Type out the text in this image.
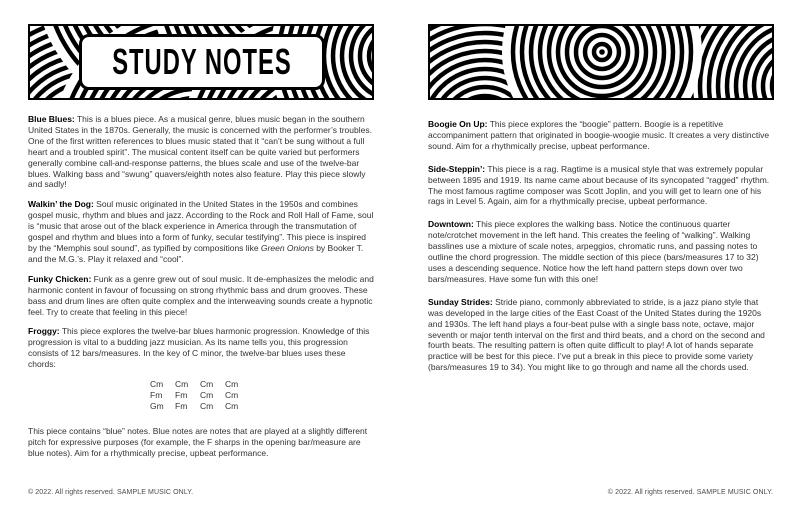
STUDY NOTES

Blue Blues: This is a blues piece. As a musical genre, blues music began in the southern United States in the 1870s. Generally, the music is concerned with the performer’s troubles. One of the first written references to blues music stated that it “can’t be sung without a full heart and a troubled spirit”. The musical content itself can be quite varied but performers generally combine call-and-response patterns, the blues scale and use of the twelve-bar blues. Walking bass and “swung” quavers/eighth notes also feature. Play this piece slowly and sadly!

Walkin’ the Dog: Soul music originated in the United States in the 1950s and combines gospel music, rhythm and blues and jazz. According to the Rock and Roll Hall of Fame, soul is “music that arose out of the black experience in America through the transmutation of gospel and rhythm and blues into a form of funky, secular testifying”. This piece is inspired by the “Memphis soul sound”, as typified by compositions like Green Onions by Booker T. and the M.G.’s. Play it relaxed and “cool”.

Funky Chicken: Funk as a genre grew out of soul music. It de-emphasizes the melodic and harmonic content in favour of focussing on strong rhythmic bass and drum grooves. These bass and drum lines are often quite complex and the interweaving sounds create a hypnotic feel. Try to create that feeling in this piece!

Froggy: This piece explores the twelve-bar blues harmonic progression. Knowledge of this progression is vital to a budding jazz musician. As its name tells you, this progression consists of 12 bars/measures. In the key of C minor, the twelve-bar blues uses these chords:

Cm Cm Cm Cm
Fm Fm Cm Cm
Gm Fm Cm Cm

This piece contains “blue” notes. Blue notes are notes that are played at a slightly different pitch for expressive purposes (for example, the F sharps in the opening bar/measure are blue notes). Aim for a rhythmically precise, upbeat performance.

Boogie On Up: This piece explores the “boogie” pattern. Boogie is a repetitive accompaniment pattern that originated in boogie-woogie music. It creates a very distinctive sound. Aim for a rhythmically precise, upbeat performance.

Side-Steppin’: This piece is a rag. Ragtime is a musical style that was extremely popular between 1895 and 1919. Its name came about because of its syncopated “ragged” rhythm. The most famous ragtime composer was Scott Joplin, and you will get to learn one of his rags in Level 5. Again, aim for a rhythmically precise, upbeat performance.

Downtown: This piece explores the walking bass. Notice the continuous quarter note/crotchet movement in the left hand. This creates the feeling of “walking”. Walking basslines use a mixture of scale notes, arpeggios, chromatic runs, and passing notes to outline the chord progression. The middle section of this piece (bars/measures 17 to 32) uses a descending sequence. Notice how the left hand pattern steps down over two bars/measures. Have some fun with this one!

Sunday Strides: Stride piano, commonly abbreviated to stride, is a jazz piano style that was developed in the large cities of the East Coast of the United States during the 1920s and 1930s. The left hand plays a four-beat pulse with a single bass note, octave, major seventh or major tenth interval on the first and third beats, and a chord on the second and fourth beats. The resulting pattern is often quite difficult to play! A lot of hands separate practice will be best for this piece. I’ve put a break in this piece to provide some variety (bars/measures 19 to 34). You might like to go through and name all the chords used.

© 2022. All rights reserved. SAMPLE MUSIC ONLY.	© 2022. All rights reserved. SAMPLE MUSIC ONLY.
